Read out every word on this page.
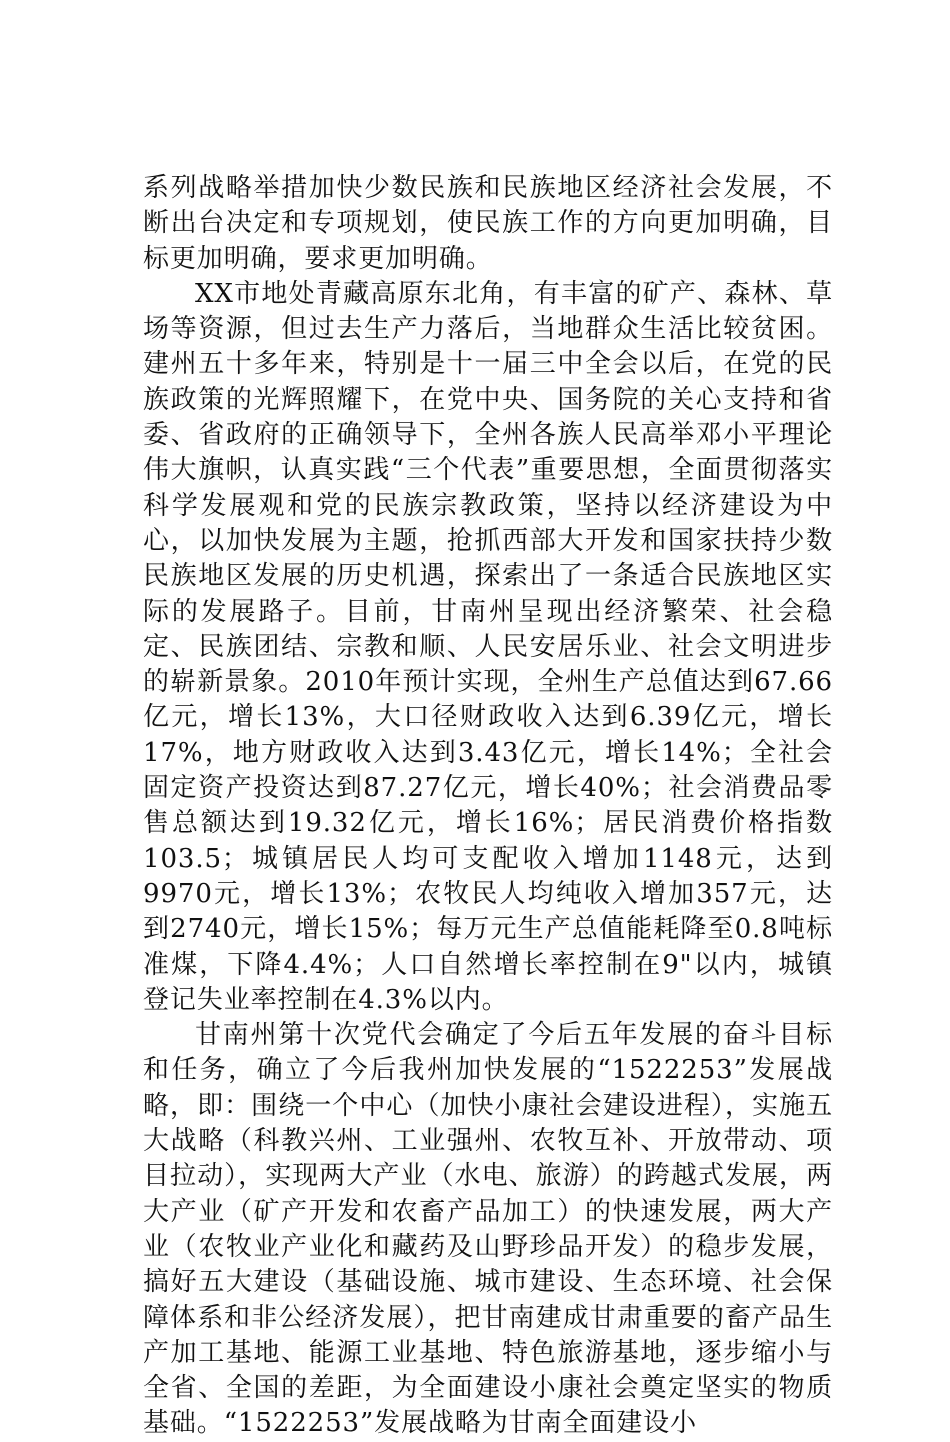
系列战略举措加快少数民族和民族地区经济社会发展，不断出台决定和专项规划，使民族工作的方向更加明确，目标更加明确，要求更加明确。

XX市地处青藏高原东北角，有丰富的矿产、森林、草场等资源，但过去生产力落后，当地群众生活比较贫困。建州五十多年来，特别是十一届三中全会以后，在党的民族政策的光辉照耀下，在党中央、国务院的关心支持和省委、省政府的正确领导下，全州各族人民高举邓小平理论伟大旗帜，认真实践“三个代表”重要思想，全面贯彻落实科学发展观和党的民族宗教政策，坚持以经济建设为中心，以加快发展为主题，抢抓西部大开发和国家扶持少数民族地区发展的历史机遇，探索出了一条适合民族地区实际的发展路子。目前，甘南州呈现出经济繁荣、社会稳定、民族团结、宗教和顺、人民安居乐业、社会文明进步的崭新景象。2010年预计实现，全州生产总值达到67.66亿元，增长13%，大口径财政收入达到6.39亿元，增长17%，地方财政收入达到3.43亿元，增长14%；全社会固定资产投资达到87.27亿元，增长40%；社会消费品零售总额达到19.32亿元，增长16%；居民消费价格指数103.5；城镇居民人均可支配收入增加1148元，达到9970元，增长13%；农牧民人均纯收入增加357元，达到2740元，增长15%；每万元生产总值能耗降至0.8吨标准煤，下降4.4%；人口自然增长率控制在9"以内，城镇登记失业率控制在4.3%以内。

甘南州第十次党代会确定了今后五年发展的奋斗目标和任务，确立了今后我州加快发展的“1522253”发展战略，即：围绕一个中心（加快小康社会建设进程），实施五大战略（科教兴州、工业强州、农牧互补、开放带动、项目拉动），实现两大产业（水电、旅游）的跨越式发展，两大产业（矿产开发和农畜产品加工）的快速发展，两大产业（农牧业产业化和藏药及山野珍品开发）的稳步发展，搞好五大建设（基础设施、城市建设、生态环境、社会保障体系和非公经济发展），把甘南建成甘肃重要的畜产品生产加工基地、能源工业基地、特色旅游基地，逐步缩小与全省、全国的差距，为全面建设小康社会奠定坚实的物质基础。“1522253”发展战略为甘南全面建设小
